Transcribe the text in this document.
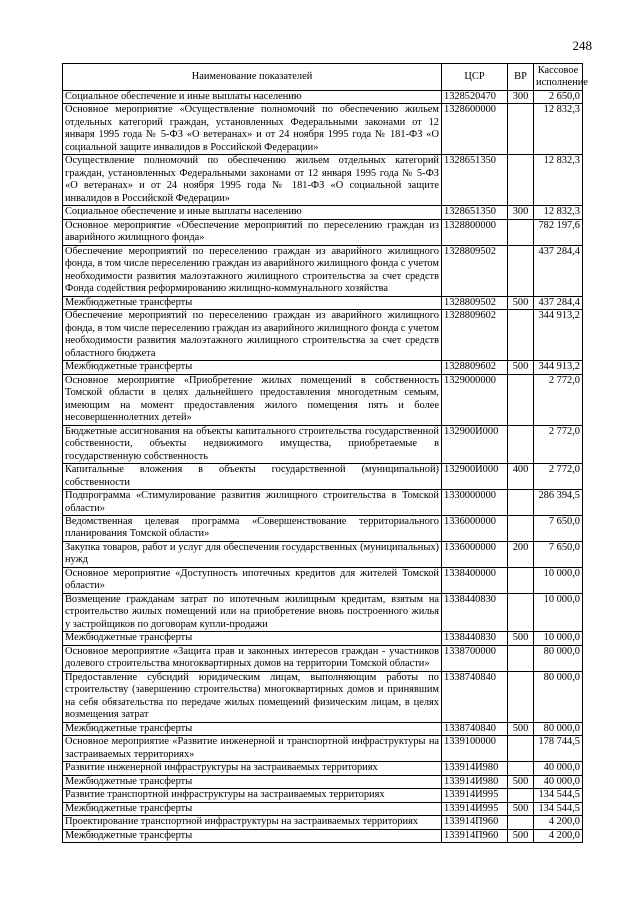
248
Наименование показателей	ЦСР	ВР	Кассовое исполнение
Социальное обеспечение и иные выплаты населению	1328520470	300	2 650,0
Основное мероприятие «Осуществление полномочий по обеспечению жильем отдельных категорий граждан, установленных Федеральными законами от 12 января 1995 года № 5-ФЗ «О ветеранах» и от 24 ноября 1995 года № 181-ФЗ «О социальной защите инвалидов в Российской Федерации»	1328600000		12 832,3
Осуществление полномочий по обеспечению жильем отдельных категорий граждан, установленных Федеральными законами от 12 января 1995 года № 5-ФЗ «О ветеранах» и от 24 ноября 1995 года № 181-ФЗ «О социальной защите инвалидов в Российской Федерации»	1328651350		12 832,3
Социальное обеспечение и иные выплаты населению	1328651350	300	12 832,3
Основное мероприятие «Обеспечение мероприятий по переселению граждан из аварийного жилищного фонда»	1328800000		782 197,6
Обеспечение мероприятий по переселению граждан из аварийного жилищного фонда, в том числе переселению граждан из аварийного жилищного фонда с учетом необходимости развития малоэтажного жилищного строительства за счет средств Фонда содействия реформированию жилищно-коммунального хозяйства	1328809502		437 284,4
Межбюджетные трансферты	1328809502	500	437 284,4
Обеспечение мероприятий по переселению граждан из аварийного жилищного фонда, в том числе переселению граждан из аварийного жилищного фонда с учетом необходимости развития малоэтажного жилищного строительства за счет средств областного бюджета	1328809602		344 913,2
Межбюджетные трансферты	1328809602	500	344 913,2
Основное мероприятие «Приобретение жилых помещений в собственность Томской области в целях дальнейшего предоставления многодетным семьям, имеющим на момент предоставления жилого помещения пять и более несовершеннолетних детей»	1329000000		2 772,0
Бюджетные ассигнования на объекты капитального строительства государственной собственности, объекты недвижимого имущества, приобретаемые в государственную собственность	132900И000		2 772,0
Капитальные вложения в объекты государственной (муниципальной) собственности	132900И000	400	2 772,0
Подпрограмма «Стимулирование развития жилищного строительства в Томской области»	1330000000		286 394,5
Ведомственная целевая программа «Совершенствование территориального планирования Томской области»	1336000000		7 650,0
Закупка товаров, работ и услуг для обеспечения государственных (муниципальных) нужд	1336000000	200	7 650,0
Основное мероприятие «Доступность ипотечных кредитов для жителей Томской области»	1338400000		10 000,0
Возмещение гражданам затрат по ипотечным жилищным кредитам, взятым на строительство жилых помещений или на приобретение вновь построенного жилья у застройщиков по договорам купли-продажи	1338440830		10 000,0
Межбюджетные трансферты	1338440830	500	10 000,0
Основное мероприятие «Защита прав и законных интересов граждан - участников долевого строительства многоквартирных домов на территории Томской области»	1338700000		80 000,0
Предоставление субсидий юридическим лицам, выполняющим работы по строительству (завершению строительства) многоквартирных домов и принявшим на себя обязательства по передаче жилых помещений физическим лицам, в целях возмещения затрат	1338740840		80 000,0
Межбюджетные трансферты	1338740840	500	80 000,0
Основное мероприятие «Развитие инженерной и транспортной инфраструктуры на застраиваемых территориях»	1339100000		178 744,5
Развитие инженерной инфраструктуры на застраиваемых территориях	133914И980		40 000,0
Межбюджетные трансферты	133914И980	500	40 000,0
Развитие транспортной инфраструктуры на застраиваемых территориях	133914И995		134 544,5
Межбюджетные трансферты	133914И995	500	134 544,5
Проектирование транспортной инфраструктуры на застраиваемых территориях	133914П960		4 200,0
Межбюджетные трансферты	133914П960	500	4 200,0
